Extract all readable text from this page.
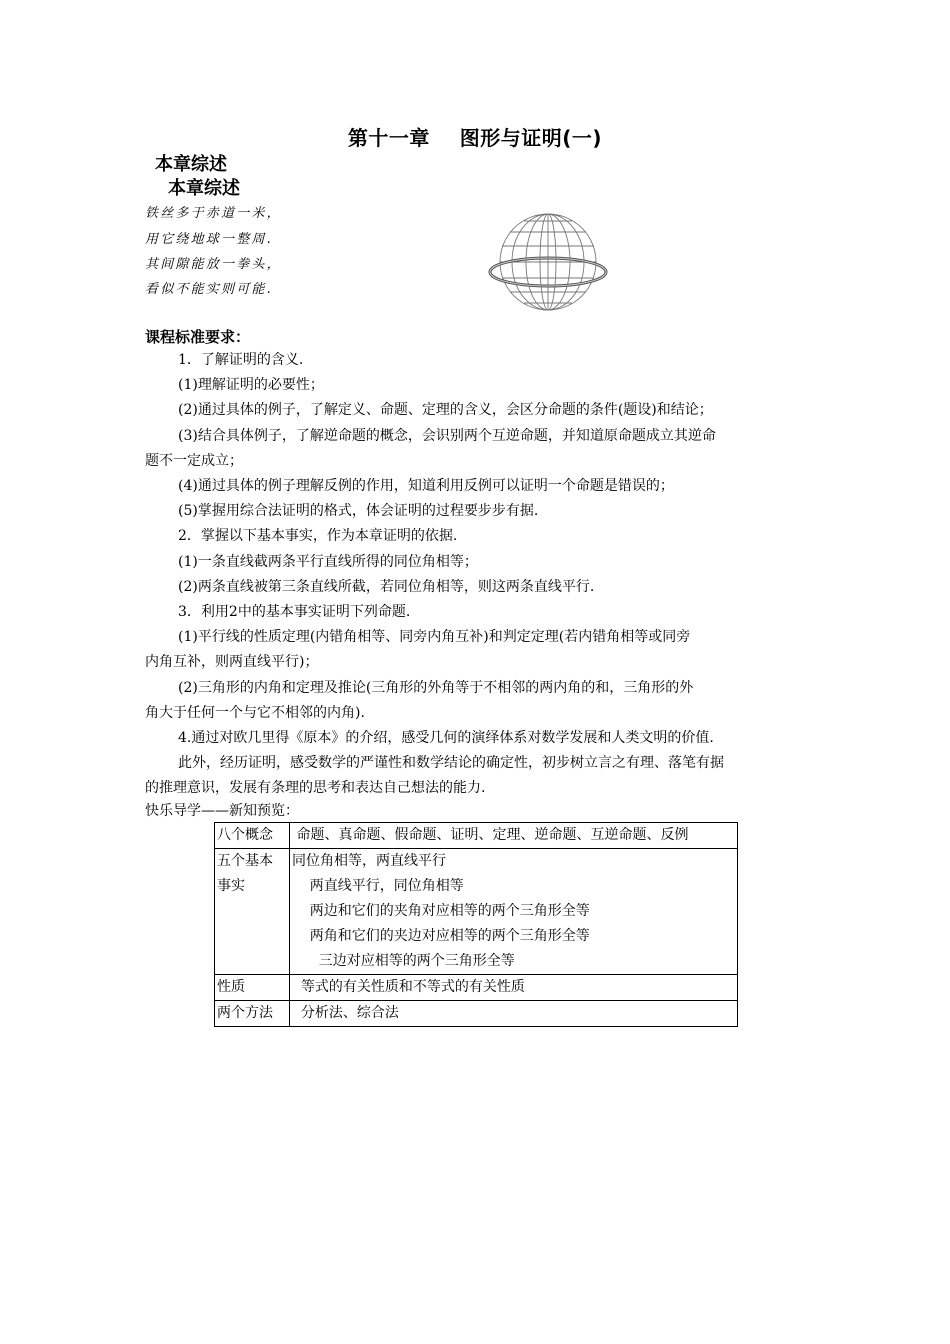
第十一章    图形与证明(一)
本章综述
本章综述
铁丝多于赤道一米，
用它绕地球一整周.
其间隙能放一拳头，
看似不能实则可能.
课程标准要求：
1．了解证明的含义.
(1)理解证明的必要性；
(2)通过具体的例子，了解定义、命题、定理的含义，会区分命题的条件(题设)和结论；
(3)结合具体例子，了解逆命题的概念，会识别两个互逆命题，并知道原命题成立其逆命
题不一定成立；
(4)通过具体的例子理解反例的作用，知道利用反例可以证明一个命题是错误的；
(5)掌握用综合法证明的格式，体会证明的过程要步步有据.
2．掌握以下基本事实，作为本章证明的依据.
(1)一条直线截两条平行直线所得的同位角相等；
(2)两条直线被第三条直线所截，若同位角相等，则这两条直线平行.
3．利用2中的基本事实证明下列命题.
(1)平行线的性质定理(内错角相等、同旁内角互补)和判定定理(若内错角相等或同旁
内角互补，则两直线平行)；
(2)三角形的内角和定理及推论(三角形的外角等于不相邻的两内角的和，三角形的外
角大于任何一个与它不相邻的内角).
4.通过对欧几里得《原本》的介绍，感受几何的演绎体系对数学发展和人类文明的价值.
此外，经历证明，感受数学的严谨性和数学结论的确定性，初步树立言之有理、落笔有据
的推理意识，发展有条理的思考和表达自己想法的能力.
快乐导学——新知预览：
八个概念	命题、真命题、假命题、证明、定理、逆命题、互逆命题、反例

五个基本
事实	同位角相等，两直线平行
两直线平行，同位角相等
两边和它们的夹角对应相等的两个三角形全等
两角和它们的夹边对应相等的两个三角形全等
三边对应相等的两个三角形全等

性质	等式的有关性质和不等式的有关性质

两个方法	分析法、综合法
